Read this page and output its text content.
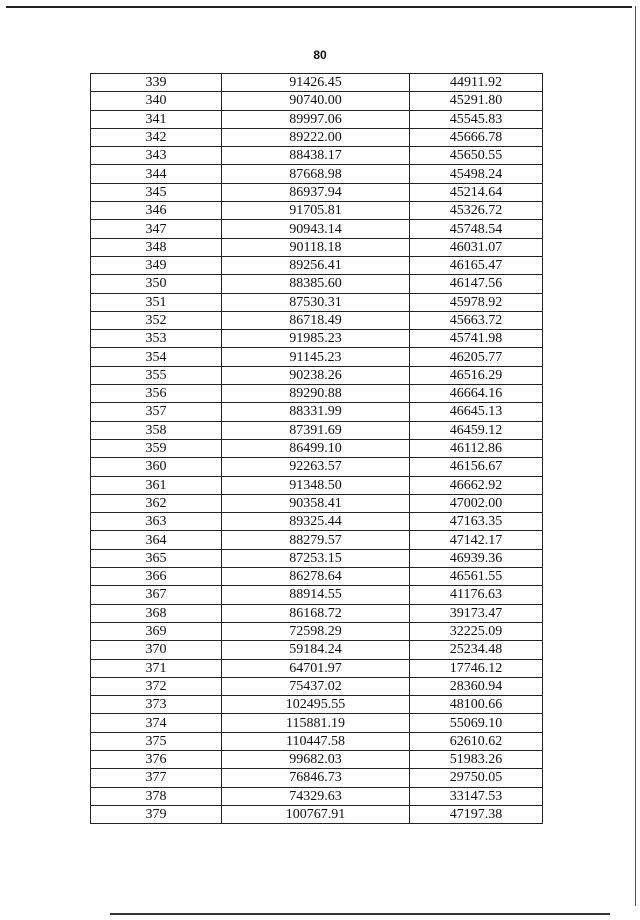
80
339	91426.45	44911.92
340	90740.00	45291.80
341	89997.06	45545.83
342	89222.00	45666.78
343	88438.17	45650.55
344	87668.98	45498.24
345	86937.94	45214.64
346	91705.81	45326.72
347	90943.14	45748.54
348	90118.18	46031.07
349	89256.41	46165.47
350	88385.60	46147.56
351	87530.31	45978.92
352	86718.49	45663.72
353	91985.23	45741.98
354	91145.23	46205.77
355	90238.26	46516.29
356	89290.88	46664.16
357	88331.99	46645.13
358	87391.69	46459.12
359	86499.10	46112.86
360	92263.57	46156.67
361	91348.50	46662.92
362	90358.41	47002.00
363	89325.44	47163.35
364	88279.57	47142.17
365	87253.15	46939.36
366	86278.64	46561.55
367	88914.55	41176.63
368	86168.72	39173.47
369	72598.29	32225.09
370	59184.24	25234.48
371	64701.97	17746.12
372	75437.02	28360.94
373	102495.55	48100.66
374	115881.19	55069.10
375	110447.58	62610.62
376	99682.03	51983.26
377	76846.73	29750.05
378	74329.63	33147.53
379	100767.91	47197.38
